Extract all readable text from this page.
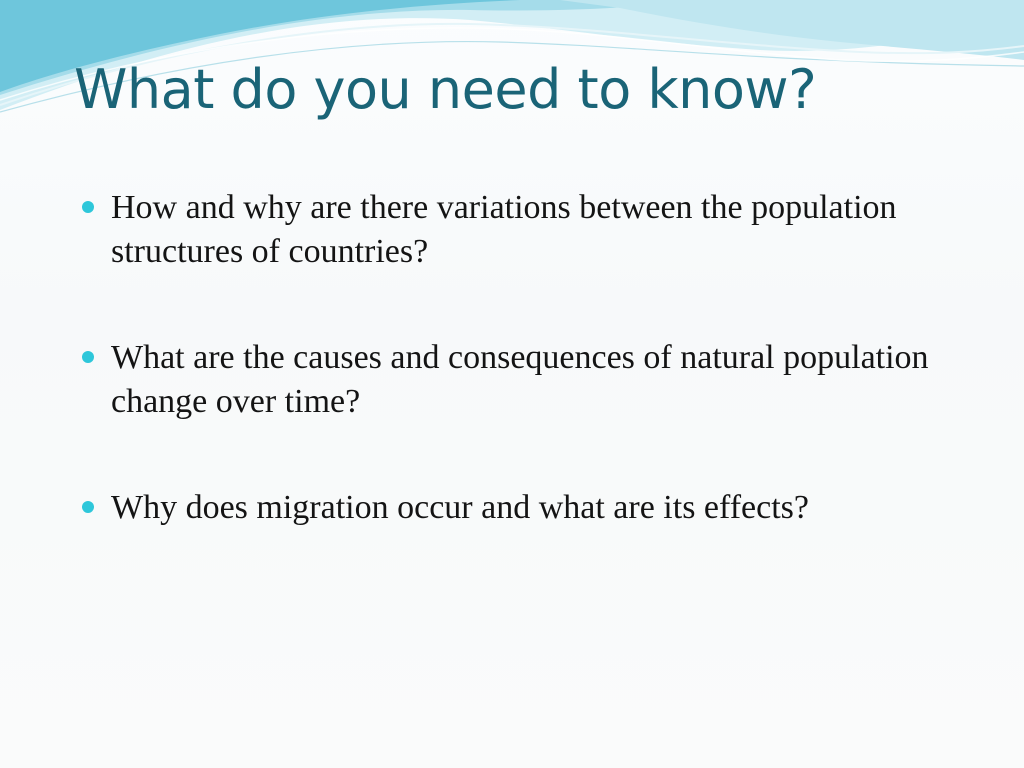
What do you need to know?
How and why are there variations between the population structures of countries?
What are the causes and consequences of natural population change over time?
Why does migration occur and what are its effects?
